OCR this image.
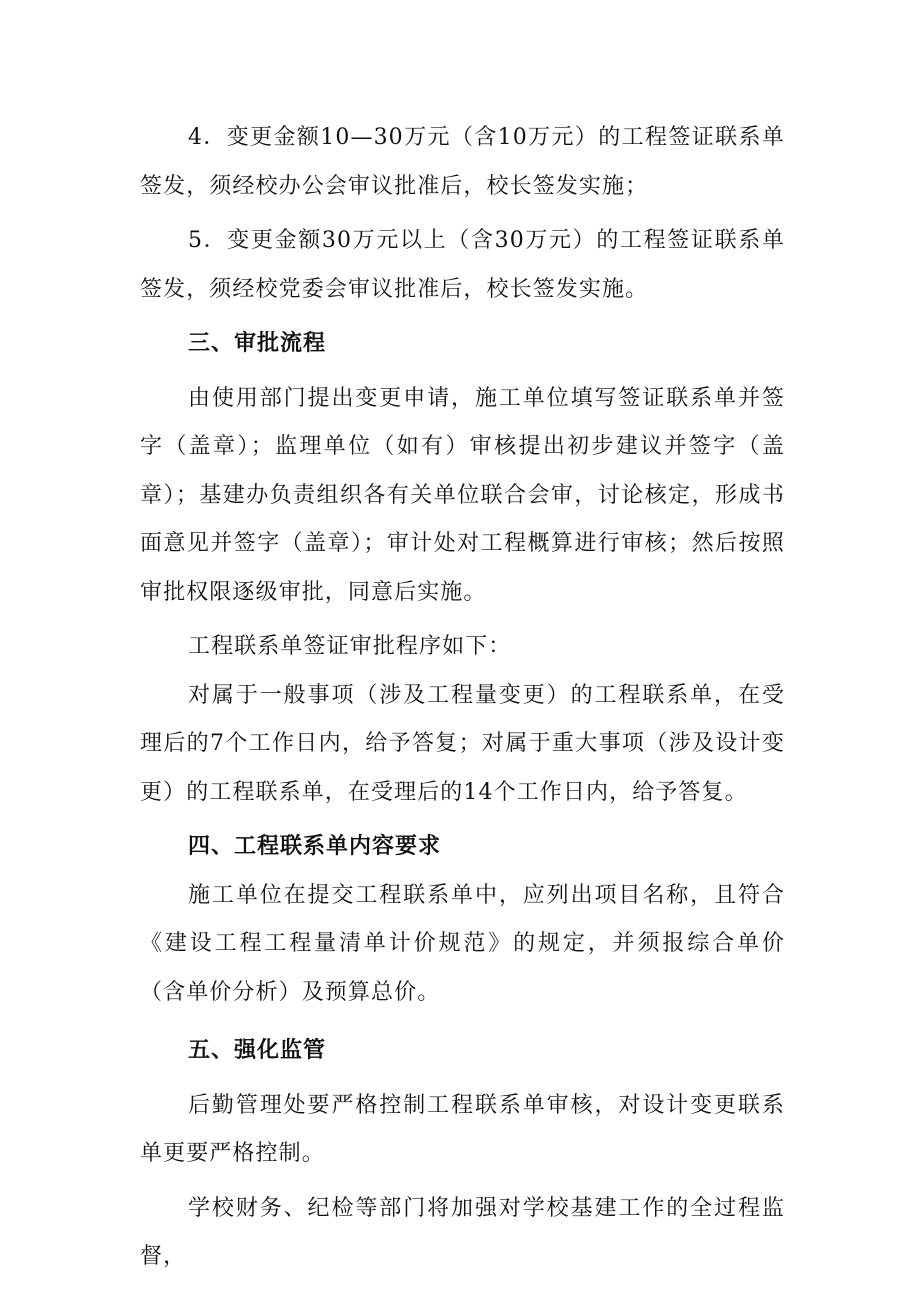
4．变更金额10—30万元（含10万元）的工程签证联系单签发，须经校办公会审议批准后，校长签发实施；

5．变更金额30万元以上（含30万元）的工程签证联系单签发，须经校党委会审议批准后，校长签发实施。

三、审批流程

由使用部门提出变更申请，施工单位填写签证联系单并签字（盖章）；监理单位（如有）审核提出初步建议并签字（盖章）；基建办负责组织各有关单位联合会审，讨论核定，形成书面意见并签字（盖章）；审计处对工程概算进行审核；然后按照审批权限逐级审批，同意后实施。

工程联系单签证审批程序如下：

对属于一般事项（涉及工程量变更）的工程联系单，在受理后的7个工作日内，给予答复；对属于重大事项（涉及设计变更）的工程联系单，在受理后的14个工作日内，给予答复。

四、工程联系单内容要求

施工单位在提交工程联系单中，应列出项目名称，且符合《建设工程工程量清单计价规范》的规定，并须报综合单价（含单价分析）及预算总价。

五、强化监管

后勤管理处要严格控制工程联系单审核，对设计变更联系单更要严格控制。

学校财务、纪检等部门将加强对学校基建工作的全过程监督，
